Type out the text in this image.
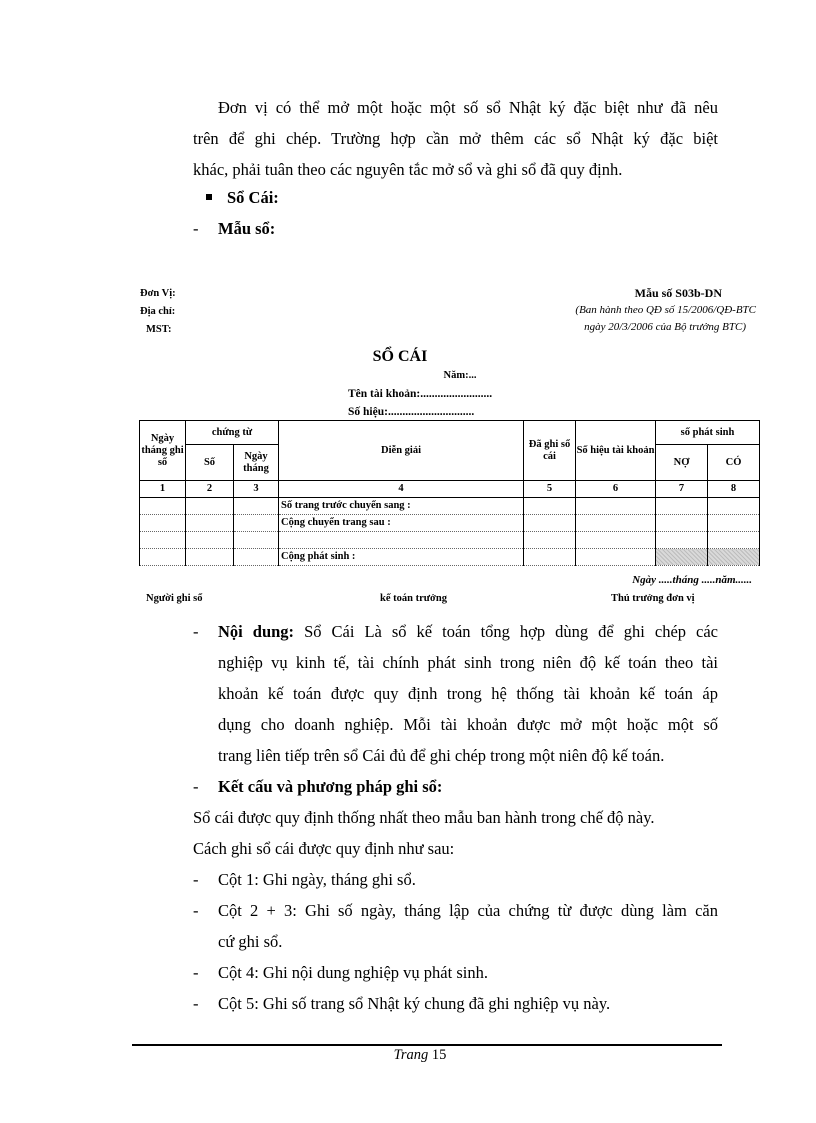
Đơn vị có thể mở một hoặc một số sổ Nhật ký đặc biệt như đã nêu
trên để ghi chép. Trường hợp cần mở thêm các sổ Nhật ký đặc biệt
khác, phải tuân theo các nguyên tắc mở sổ và ghi sổ đã quy định.
Sổ Cái:
- Mẫu sổ:
Đơn Vị:
Địa chỉ:
MST:
Mẫu số S03b-DN
(Ban hành theo QĐ số 15/2006/QĐ-BTC
ngày 20/3/2006 của Bộ trưởng BTC)
SỔ CÁI
Năm:...
Tên tài khoản:.........................
Số hiệu:..............................
Ngày tháng ghi sổ	chứng từ		Diễn giải	Đã ghi sổ cái	Số hiệu tài khoản	số phát sinh	
	Số	Ngày tháng				NỢ	CÓ
1	2	3	4	5	6	7	8
			Số trang trước chuyển sang :				
			Cộng chuyển trang sau :				

			Cộng phát sinh :				
Ngày .....tháng .....năm......
Người ghi sổ	kế toán trưởng	Thủ trưởng đơn vị
- Nội dung: Sổ Cái Là sổ kế toán tổng hợp dùng để ghi chép các
nghiệp vụ kinh tế, tài chính phát sinh trong niên độ kế toán theo tài
khoản kế toán được quy định trong hệ thống tài khoản kế toán áp
dụng cho doanh nghiệp. Mỗi tài khoản được mở một hoặc một số
trang liên tiếp trên sổ Cái đủ để ghi chép trong một niên độ kế toán.
- Kết cấu và phương pháp ghi sổ:
Sổ cái được quy định thống nhất theo mẫu ban hành trong chế độ này.
Cách ghi sổ cái được quy định như sau:
- Cột 1: Ghi ngày, tháng ghi sổ.
- Cột 2 + 3: Ghi số ngày, tháng lập của chứng từ được dùng làm căn
cứ ghi sổ.
- Cột 4: Ghi nội dung nghiệp vụ phát sinh.
- Cột 5: Ghi số trang sổ Nhật ký chung đã ghi nghiệp vụ này.
Trang 15
